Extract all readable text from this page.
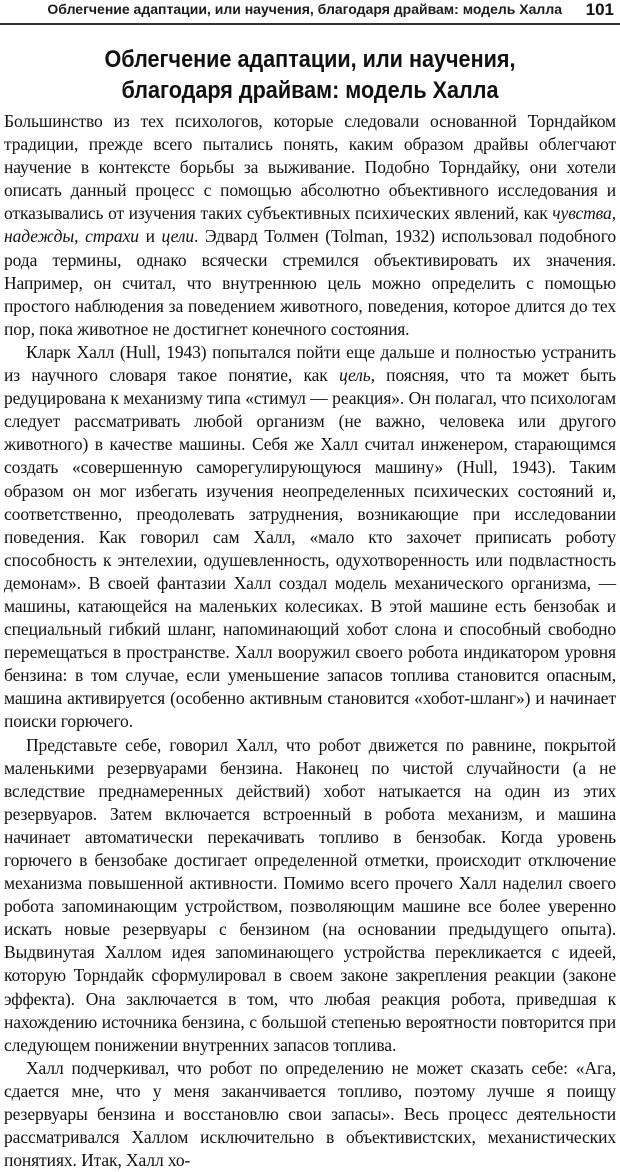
Облегчение адаптации, или научения, благодаря драйвам: модель Халла 101
Облегчение адаптации, или научения,
благодаря драйвам: модель Халла

Большинство из тех психологов, которые следовали основанной Торндайком традиции, прежде всего пытались понять, каким образом драйвы облегчают научение в контексте борьбы за выживание. Подобно Торндайку, они хотели описать данный процесс с помощью абсолютно объективного исследования и отказывались от изучения таких субъективных психических явлений, как чувства, надежды, страхи и цели. Эдвард Толмен (Tolman, 1932) использовал подобного рода термины, однако всячески стремился объективировать их значения. Например, он считал, что внутреннюю цель можно определить с помощью простого наблюдения за поведением животного, поведения, которое длится до тех пор, пока животное не достигнет конечного состояния.

Кларк Халл (Hull, 1943) попытался пойти еще дальше и полностью устранить из научного словаря такое понятие, как цель, поясняя, что та может быть редуцирована к механизму типа «стимул — реакция». Он полагал, что психологам следует рассматривать любой организм (не важно, человека или другого животного) в качестве машины. Себя же Халл считал инженером, старающимся создать «совершенную саморегулирующуюся машину» (Hull, 1943). Таким образом он мог избегать изучения неопределенных психических состояний и, соответственно, преодолевать затруднения, возникающие при исследовании поведения. Как говорил сам Халл, «мало кто захочет приписать роботу способность к энтелехии, одушевленность, одухотворенность или подвластность демонам». В своей фантазии Халл создал модель механического организма, — машины, катающейся на маленьких колесиках. В этой машине есть бензобак и специальный гибкий шланг, напоминающий хобот слона и способный свободно перемещаться в пространстве. Халл вооружил своего робота индикатором уровня бензина: в том случае, если уменьшение запасов топлива становится опасным, машина активируется (особенно активным становится «хобот-шланг») и начинает поиски горючего.

Представьте себе, говорил Халл, что робот движется по равнине, покрытой маленькими резервуарами бензина. Наконец по чистой случайности (а не вследствие преднамеренных действий) хобот натыкается на один из этих резервуаров. Затем включается встроенный в робота механизм, и машина начинает автоматически перекачивать топливо в бензобак. Когда уровень горючего в бензобаке достигает определенной отметки, происходит отключение механизма повышенной активности. Помимо всего прочего Халл наделил своего робота запоминающим устройством, позволяющим машине все более уверенно искать новые резервуары с бензином (на основании предыдущего опыта). Выдвинутая Халлом идея запоминающего устройства перекликается с идеей, которую Торндайк сформулировал в своем законе закрепления реакции (законе эффекта). Она заключается в том, что любая реакция робота, приведшая к нахождению источника бензина, с большой степенью вероятности повторится при следующем понижении внутренних запасов топлива.

Халл подчеркивал, что робот по определению не может сказать себе: «Ага, сдается мне, что у меня заканчивается топливо, поэтому лучше я поищу резервуары бензина и восстановлю свои запасы». Весь процесс деятельности рассматривался Халлом исключительно в объективистских, механистических понятиях. Итак, Халл хо-
